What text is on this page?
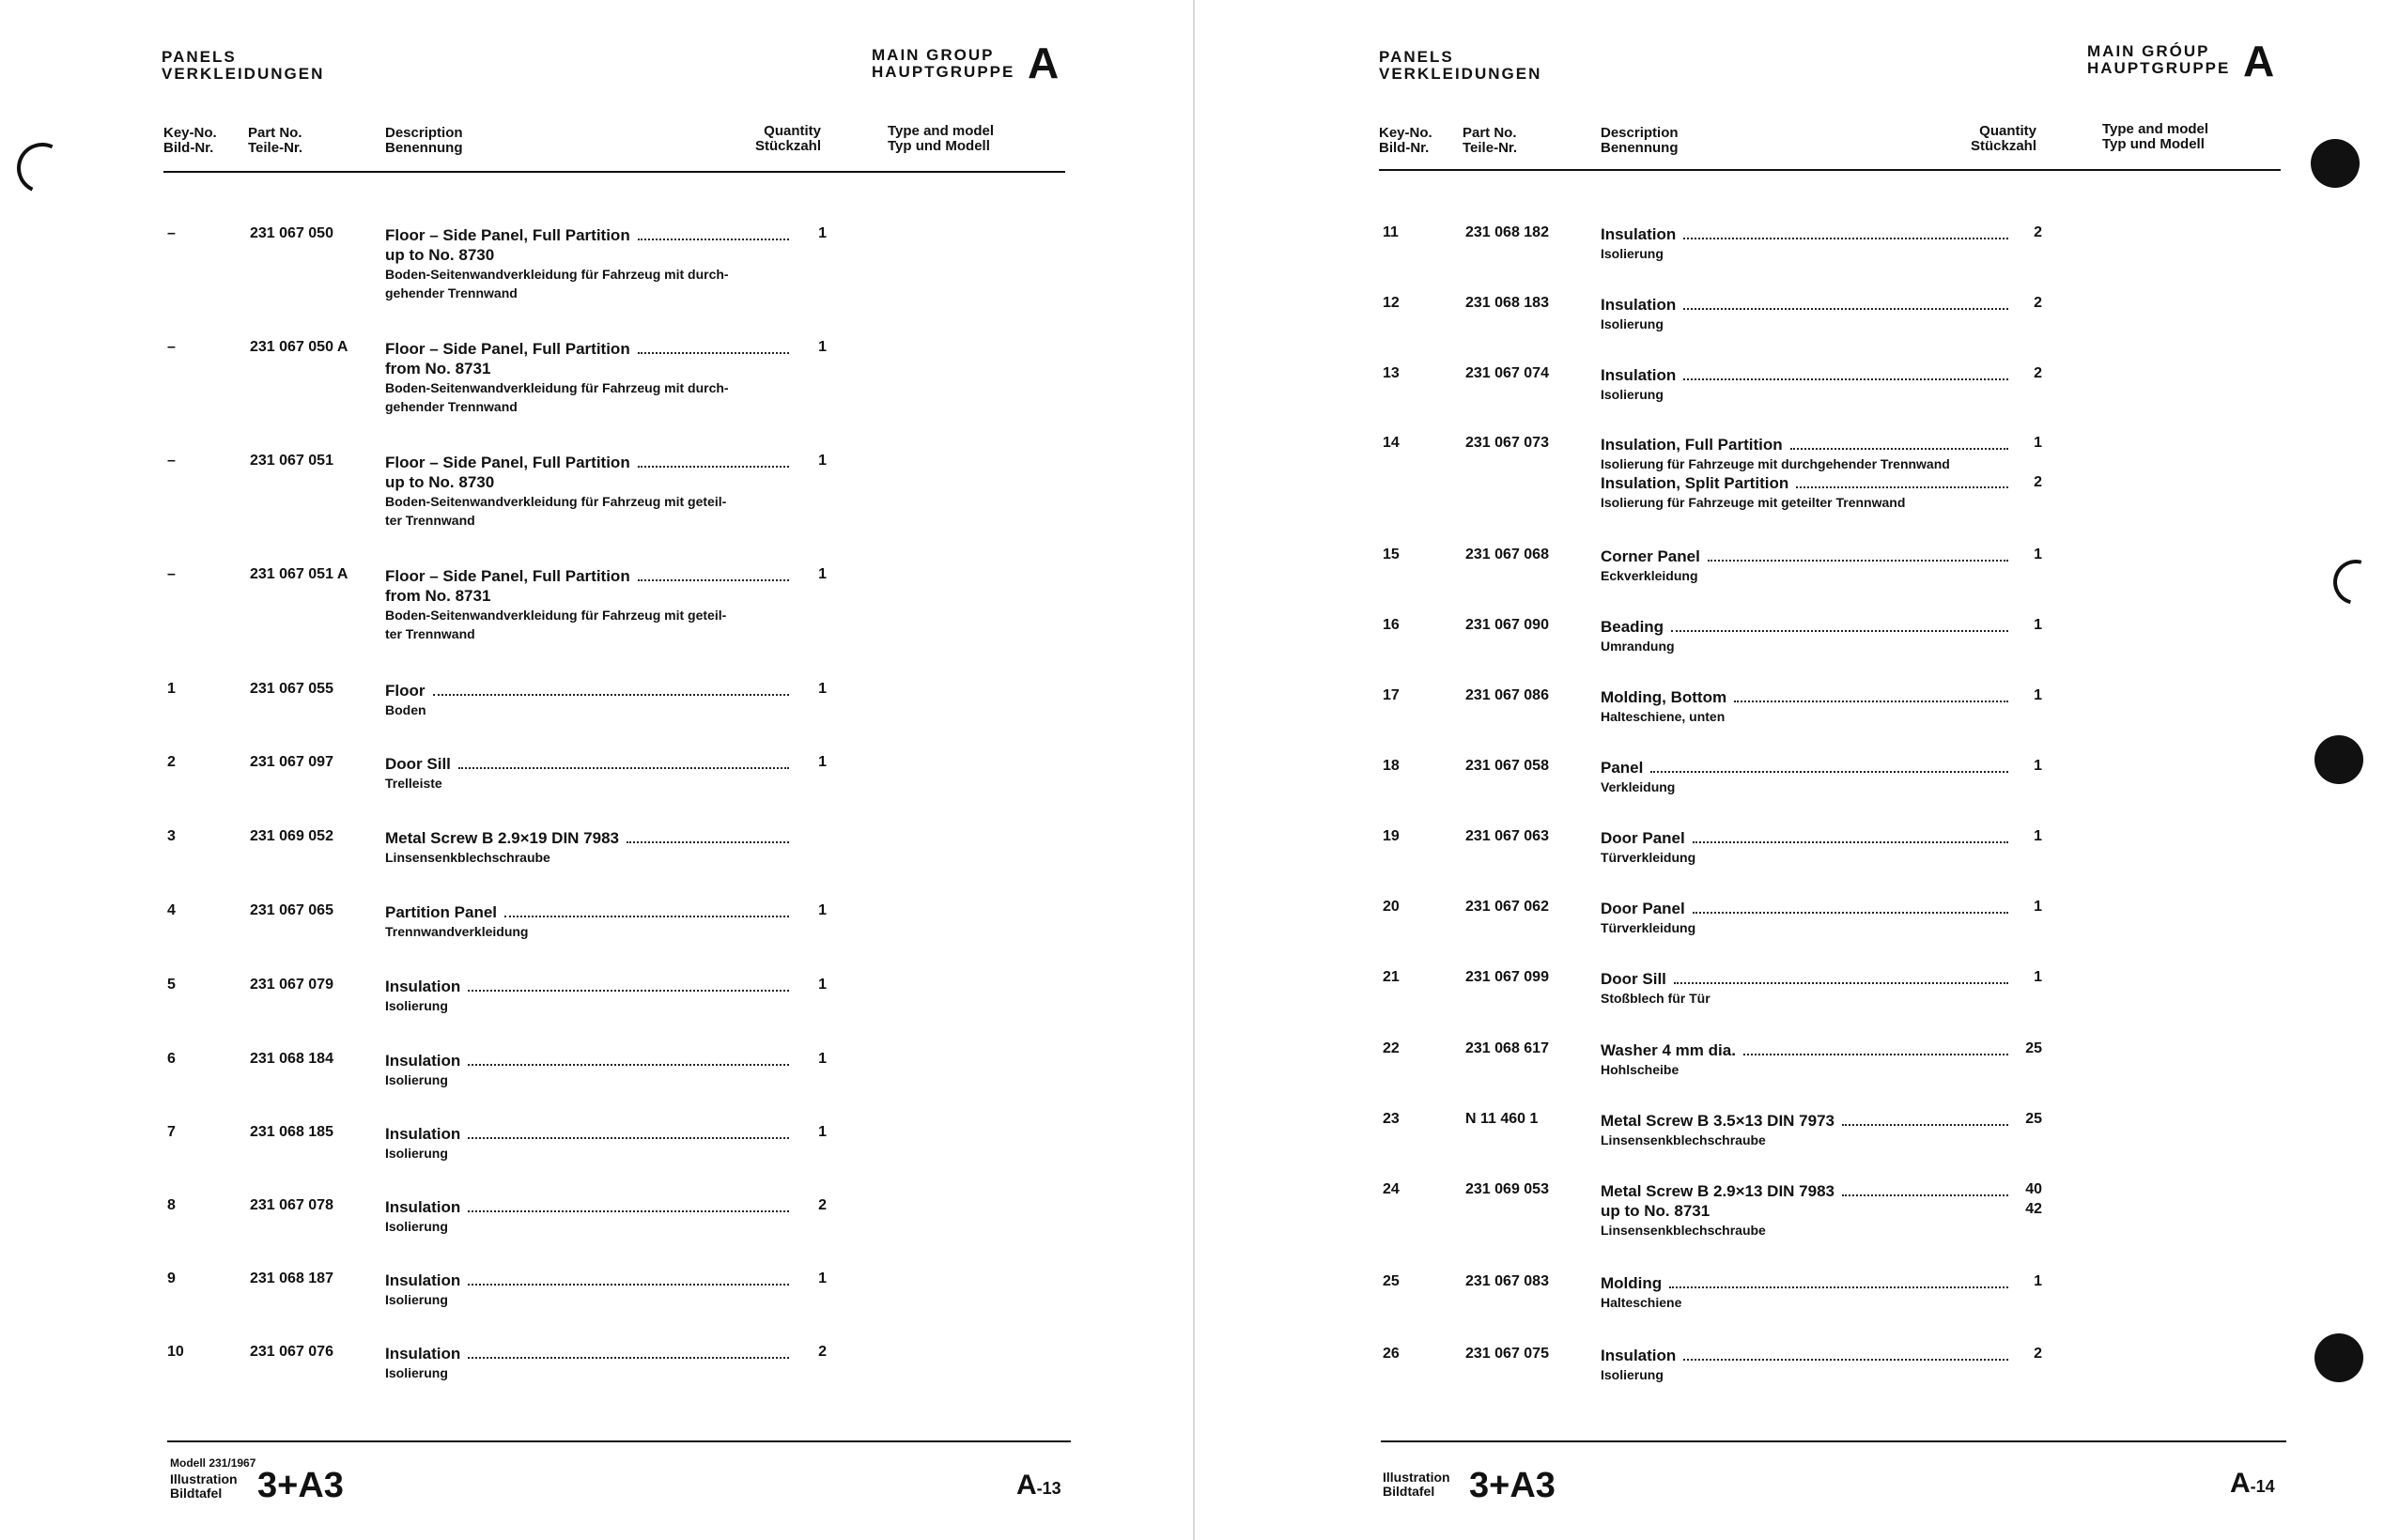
PANELS
VERKLEIDUNGEN
MAIN GROUP
HAUPTGRUPPE A
Key-No.
Bild-Nr.
Part No.
Teile-Nr.
Description
Benennung
Quantity
Stückzahl
Type and model
Typ und Modell
–	231 067 050	Floor – Side Panel, Full Partition
up to No. 8730
Boden-Seitenwandverkleidung für Fahrzeug mit durch-
gehender Trennwand
1
–	231 067 050 A Floor – Side Panel, Full Partition
from No. 8731
Boden-Seitenwandverkleidung für Fahrzeug mit durch-
gehender Trennwand
1
–	231 067 051	Floor – Side Panel, Full Partition
up to No. 8730
Boden-Seitenwandverkleidung für Fahrzeug mit geteil-
ter Trennwand
1
–	231 067 051 A Floor – Side Panel, Full Partition
from No. 8731
Boden-Seitenwandverkleidung für Fahrzeug mit geteil-
ter Trennwand
1
1	231 067 055	Floor
Boden
1
2	231 067 097	Door Sill
Trelleiste
1
3	231 069 052	Metal Screw B 2.9×19 DIN 7983
Linsensenkblechschraube
4	231 067 065	Partition Panel
Trennwandverkleidung
1
5	231 067 079	Insulation
Isolierung
1
6	231 068 184	Insulation
Isolierung
1
7	231 068 185	Insulation
Isolierung
1
8	231 067 078	Insulation
Isolierung
2
9	231 068 187	Insulation
Isolierung
1
10	231 067 076	Insulation
Isolierung
2
Modell 231/1967
Illustration
Bildtafel 3+A3	A-13
PANELS
VERKLEIDUNGEN
MAIN GRÓUP
HAUPTGRUPPE A
Key-No.
Bild-Nr.
Part No.
Teile-Nr.
Description
Benennung
Quantity
Stückzahl
Type and model
Typ und Modell
11	231 068 182	Insulation
Isolierung
2
12	231 068 183	Insulation
Isolierung
2
13	231 067 074	Insulation
Isolierung
2
14	231 067 073	Insulation, Full Partition
Isolierung für Fahrzeuge mit durchgehender Trennwand
Insulation, Split Partition
Isolierung für Fahrzeuge mit geteilter Trennwand
1
2
15	231 067 068	Corner Panel
Eckverkleidung
1
16	231 067 090	Beading
Umrandung
1
17	231 067 086	Molding, Bottom
Halteschiene, unten
1
18	231 067 058	Panel
Verkleidung
1
19	231 067 063	Door Panel
Türverkleidung
1
20	231 067 062	Door Panel
Türverkleidung
1
21	231 067 099	Door Sill
Stoßblech für Tür
1
22	231 068 617	Washer 4 mm dia.
Hohlscheibe
25
23	N 11 460 1	Metal Screw B 3.5×13 DIN 7973
Linsensenkblechschraube
25
24	231 069 053	Metal Screw B 2.9×13 DIN 7983
up to No. 8731
Linsensenkblechschraube
40
42
25	231 067 083	Molding
Halteschiene
1
26	231 067 075	Insulation
Isolierung
2
Illustration
Bildtafel 3+A3	A-14
